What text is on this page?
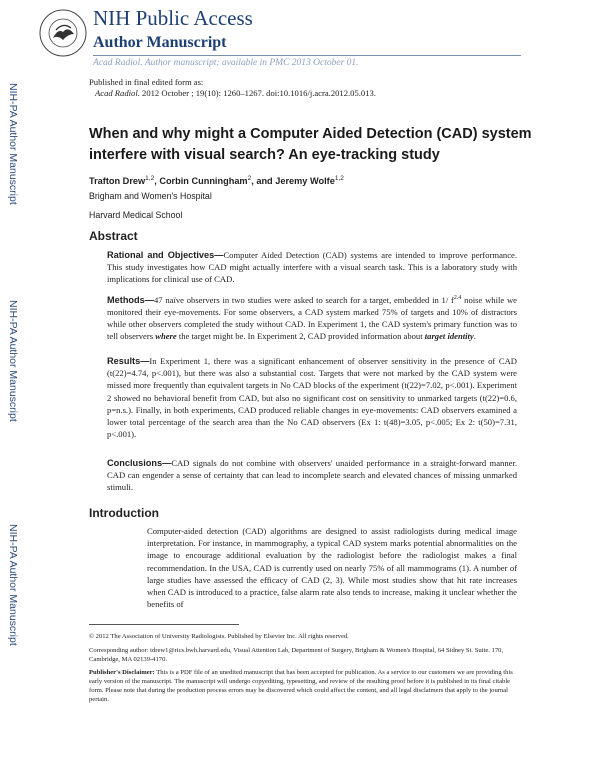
NIH Public Access
Author Manuscript
Acad Radiol. Author manuscript; available in PMC 2013 October 01.
Published in final edited form as:
Acad Radiol. 2012 October ; 19(10): 1260–1267. doi:10.1016/j.acra.2012.05.013.
NIH-PA Author Manuscript
NIH-PA Author Manuscript
NIH-PA Author Manuscript
When and why might a Computer Aided Detection (CAD) system
interfere with visual search? An eye-tracking study
Trafton Drew$^{1,2}$, Corbin Cunningham$^2$, and Jeremy Wolfe$^{1,2}$
Brigham and Women's Hospital
Harvard Medical School
Abstract

Rational and Objectives—Computer Aided Detection (CAD) systems are intended to improve performance. This study investigates how CAD might actually interfere with a visual search task. This is a laboratory study with implications for clinical use of CAD.

Methods—47 naïve observers in two studies were asked to search for a target, embedded in 1/ $f^{2.4}$ noise while we monitored their eye-movements. For some observers, a CAD system marked 75% of targets and 10% of distractors while other observers completed the study without CAD. In Experiment 1, the CAD system's primary function was to tell observers where the target might be. In Experiment 2, CAD provided information about target identity.

Results—In Experiment 1, there was a significant enhancement of observer sensitivity in the presence of CAD (t(22)=4.74, p<.001), but there was also a substantial cost. Targets that were not marked by the CAD system were missed more frequently than equivalent targets in No CAD blocks of the experiment (t(22)=7.02, p<.001). Experiment 2 showed no behavioral benefit from CAD, but also no significant cost on sensitivity to unmarked targets (t(22)=0.6, p=n.s.). Finally, in both experiments, CAD produced reliable changes in eye-movements: CAD observers examined a lower total percentage of the search area than the No CAD observers (Ex 1: t(48)=3.05, p<.005; Ex 2: t(50)=7.31, p<.001).

Conclusions—CAD signals do not combine with observers' unaided performance in a straight-forward manner. CAD can engender a sense of certainty that can lead to incomplete search and elevated chances of missing unmarked stimuli.

Introduction

Computer-aided detection (CAD) algorithms are designed to assist radiologists during medical image interpretation. For instance, in mammography, a typical CAD system marks potential abnormalities on the image to encourage additional evaluation by the radiologist before the radiologist makes a final recommendation. In the USA, CAD is currently used on nearly 75% of all mammograms (1). A number of large studies have assessed the efficacy of CAD (2, 3). While most studies show that hit rate increases when CAD is introduced to a practice, false alarm rate also tends to increase, making it unclear whether the benefits of

© 2012 The Association of University Radiologists. Published by Elsevier Inc. All rights reserved.

Corresponding author: tdrew1@rics.bwh.harvard.edu, Visual Attention Lab, Department of Surgery, Brigham & Women's Hospital, 64 Sidney St. Suite. 170, Cambridge, MA 02139-4170.

Publisher's Disclaimer: This is a PDF file of an unedited manuscript that has been accepted for publication. As a service to our customers we are providing this early version of the manuscript. The manuscript will undergo copyediting, typesetting, and review of the resulting proof before it is published in its final citable form. Please note that during the production process errors may be discovered which could affect the content, and all legal disclaimers that apply to the journal pertain.
